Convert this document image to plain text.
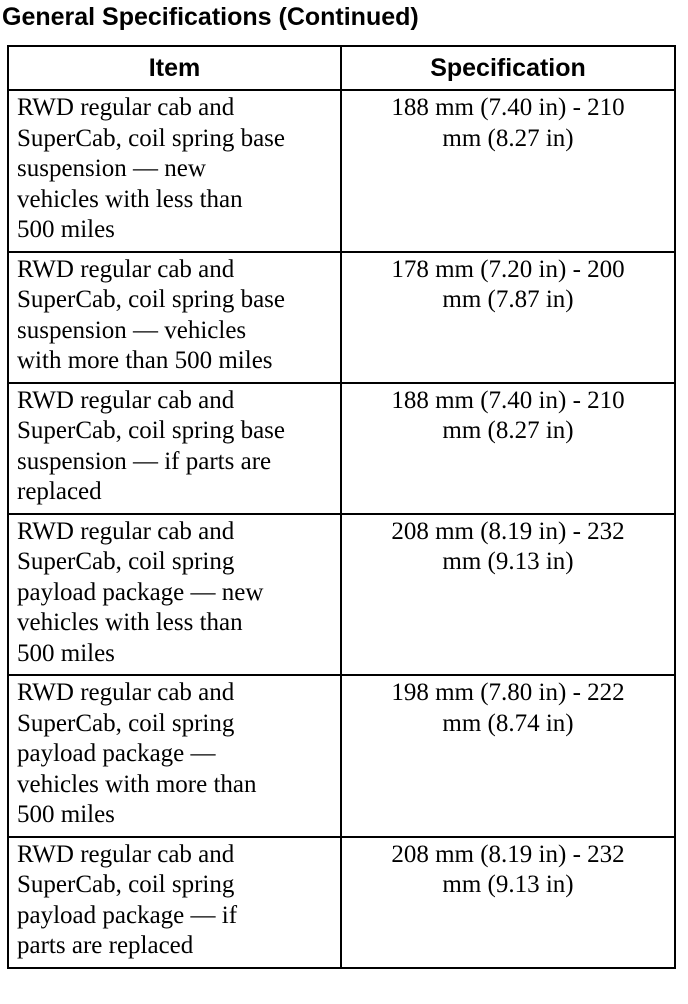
General Specifications (Continued)
Item	Specification
RWD regular cab and
SuperCab, coil spring base
suspension — new
vehicles with less than
500 miles	188 mm (7.40 in) - 210
mm (8.27 in)
RWD regular cab and
SuperCab, coil spring base
suspension — vehicles
with more than 500 miles	178 mm (7.20 in) - 200
mm (7.87 in)
RWD regular cab and
SuperCab, coil spring base
suspension — if parts are
replaced	188 mm (7.40 in) - 210
mm (8.27 in)
RWD regular cab and
SuperCab, coil spring
payload package — new
vehicles with less than
500 miles	208 mm (8.19 in) - 232
mm (9.13 in)
RWD regular cab and
SuperCab, coil spring
payload package —
vehicles with more than
500 miles	198 mm (7.80 in) - 222
mm (8.74 in)
RWD regular cab and
SuperCab, coil spring
payload package — if
parts are replaced	208 mm (8.19 in) - 232
mm (9.13 in)
